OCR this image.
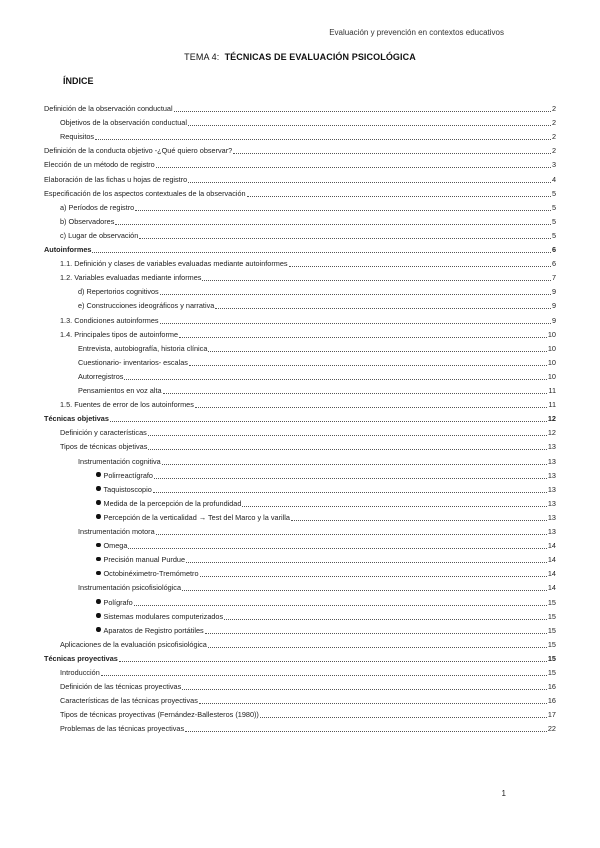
Evaluación y prevención en contextos educativos
TEMA 4: TÉCNICAS DE EVALUACIÓN PSICOLÓGICA
ÍNDICE
Definición de la observación conductual	2
Objetivos de la observación conductual	2
Requisitos	2
Definición de la conducta objetivo -¿Qué quiero observar?	2
Elección de un método de registro	3
Elaboración de las fichas u hojas de registro	4
Especificación de los aspectos contextuales de la observación	5
a) Períodos de registro	5
b) Observadores	5
c) Lugar de observación	5
Autoinformes	6
1.1. Definición y clases de variables evaluadas mediante autoinformes	6
1.2. Variables evaluadas mediante informes	7
d) Repertorios cognitivos	9
e) Construcciones ideográficos y narrativa	9
1.3. Condiciones autoinformes	9
1.4. Principales tipos de autoinforme	10
Entrevista, autobiografía, historia clínica	10
Cuestionario- inventarios- escalas	10
Autorregistros	10
Pensamientos en voz alta	11
1.5. Fuentes de error de los autoinformes	11
Técnicas objetivas	12
Definición y características	12
Tipos de técnicas objetivas	13
Instrumentación cognitiva	13
Polirreactígrafo	13
Taquistoscopio	13
Medida de la percepción de la profundidad	13
Percepción de la verticalidad → Test del Marco y la varilla	13
Instrumentación motora	13
Omega	14
Precisión manual Purdue	14
Octobinéximetro-Tremómetro	14
Instrumentación psicofisiológica	14
Polígrafo	15
Sistemas modulares computerizados	15
Aparatos de Registro portátiles	15
Aplicaciones de la evaluación psicofisiológica	15
Técnicas proyectivas	15
Introducción	15
Definición de las técnicas proyectivas	16
Características de las técnicas proyectivas	16
Tipos de técnicas proyectivas (Fernández-Ballesteros (1980))	17
Problemas de las técnicas proyectivas	22
1
